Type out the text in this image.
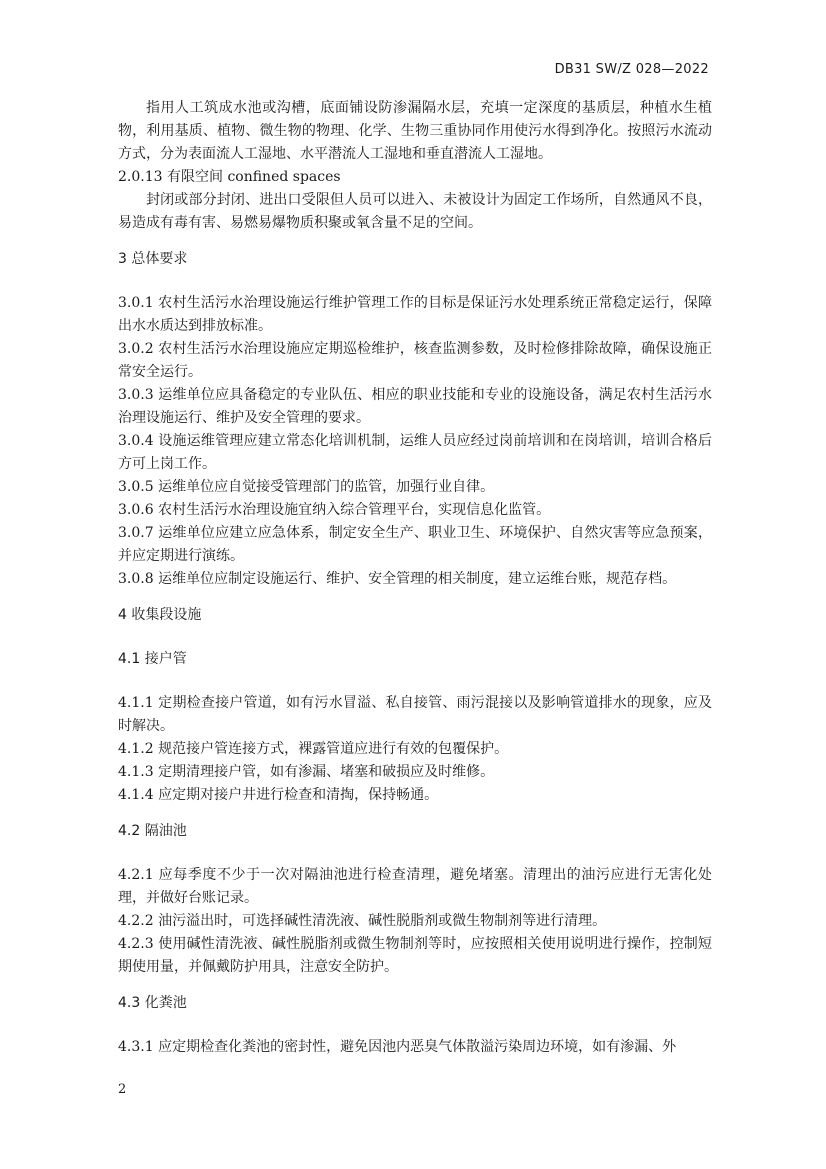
DB31 SW/Z 028—2022

指用人工筑成水池或沟槽，底面铺设防渗漏隔水层，充填一定深度的基质层，种植水生植物，利用基质、植物、微生物的物理、化学、生物三重协同作用使污水得到净化。按照污水流动方式，分为表面流人工湿地、水平潜流人工湿地和垂直潜流人工湿地。

2.0.13 有限空间 confined spaces

封闭或部分封闭、进出口受限但人员可以进入、未被设计为固定工作场所，自然通风不良，易造成有毒有害、易燃易爆物质积聚或氧含量不足的空间。

3 总体要求

3.0.1 农村生活污水治理设施运行维护管理工作的目标是保证污水处理系统正常稳定运行，保障出水水质达到排放标准。

3.0.2 农村生活污水治理设施应定期巡检维护，核查监测参数，及时检修排除故障，确保设施正常安全运行。

3.0.3 运维单位应具备稳定的专业队伍、相应的职业技能和专业的设施设备，满足农村生活污水治理设施运行、维护及安全管理的要求。

3.0.4 设施运维管理应建立常态化培训机制，运维人员应经过岗前培训和在岗培训，培训合格后方可上岗工作。

3.0.5 运维单位应自觉接受管理部门的监管，加强行业自律。

3.0.6 农村生活污水治理设施宜纳入综合管理平台，实现信息化监管。

3.0.7 运维单位应建立应急体系，制定安全生产、职业卫生、环境保护、自然灾害等应急预案，并应定期进行演练。

3.0.8 运维单位应制定设施运行、维护、安全管理的相关制度，建立运维台账，规范存档。

4 收集段设施

4.1 接户管

4.1.1 定期检查接户管道，如有污水冒溢、私自接管、雨污混接以及影响管道排水的现象，应及时解决。

4.1.2 规范接户管连接方式，裸露管道应进行有效的包覆保护。

4.1.3 定期清理接户管，如有渗漏、堵塞和破损应及时维修。

4.1.4 应定期对接户井进行检查和清掏，保持畅通。

4.2 隔油池

4.2.1 应每季度不少于一次对隔油池进行检查清理，避免堵塞。清理出的油污应进行无害化处理，并做好台账记录。

4.2.2 油污溢出时，可选择碱性清洗液、碱性脱脂剂或微生物制剂等进行清理。

4.2.3 使用碱性清洗液、碱性脱脂剂或微生物制剂等时，应按照相关使用说明进行操作，控制短期使用量，并佩戴防护用具，注意安全防护。

4.3 化粪池

4.3.1 应定期检查化粪池的密封性，避免因池内恶臭气体散溢污染周边环境，如有渗漏、外

2
